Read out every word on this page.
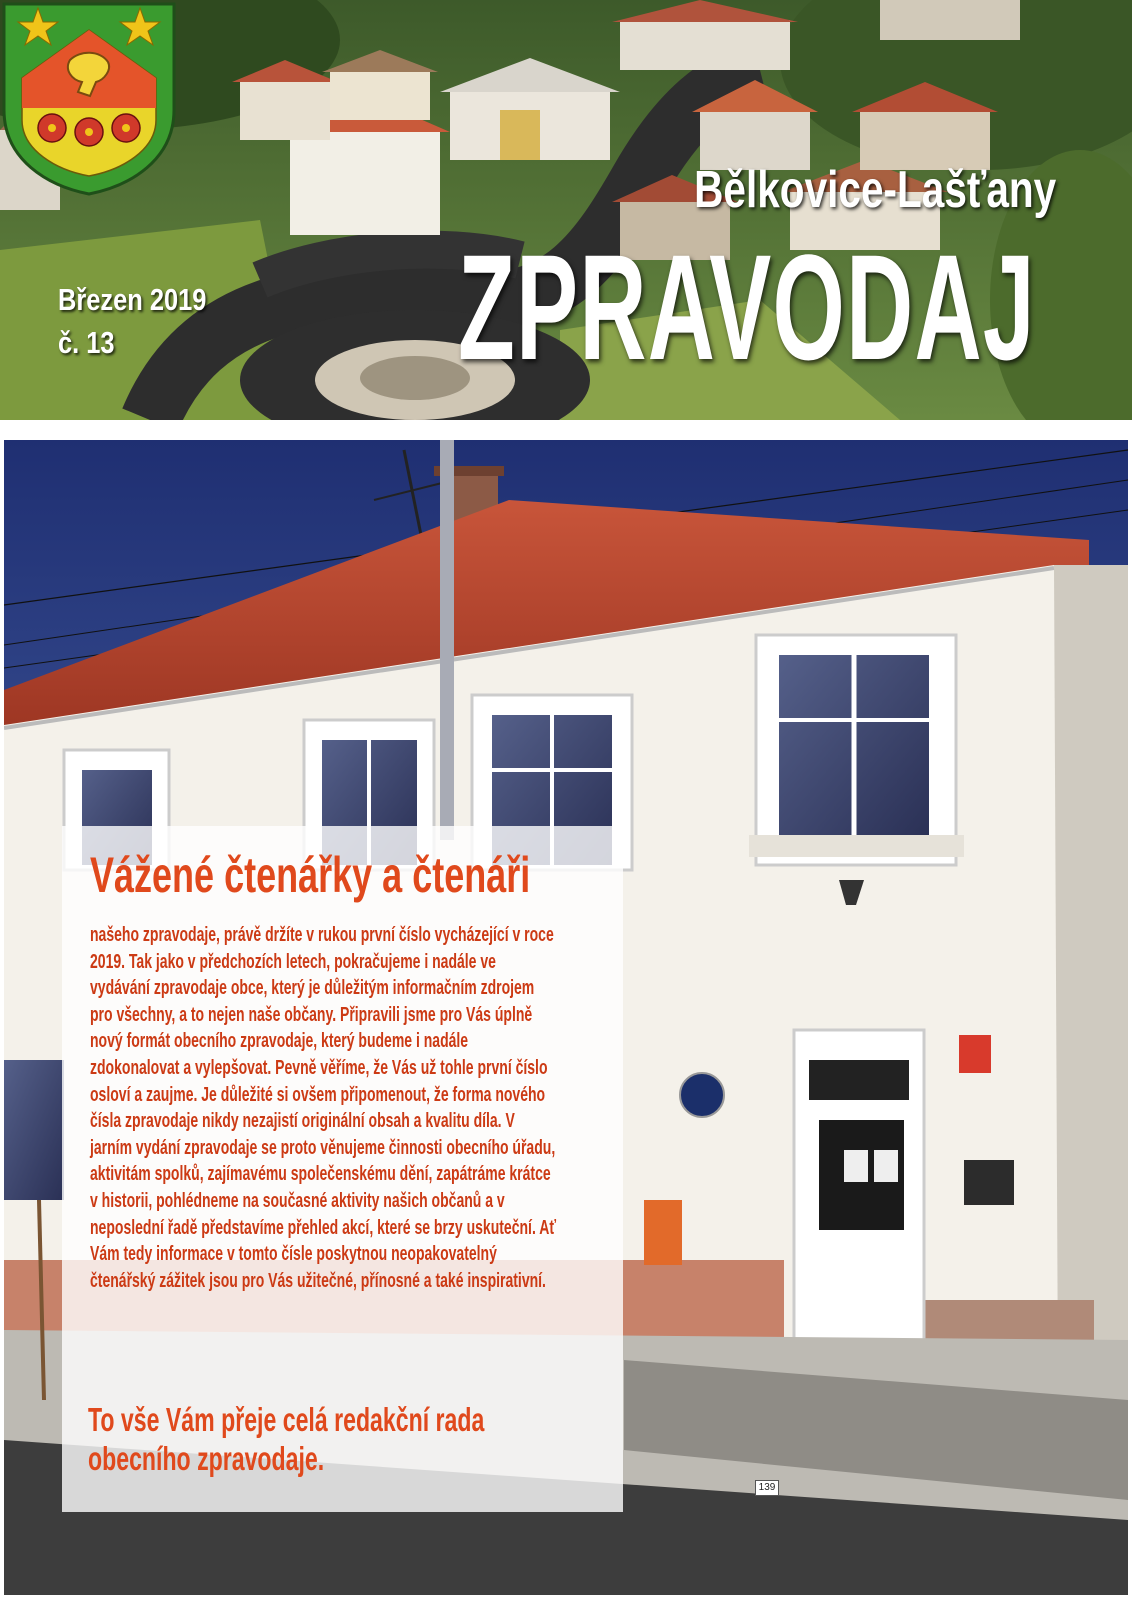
Březen 2019
č. 13
Bělkovice-Lašťany
ZPRAVODAJ
139
Vážené čtenářky a čtenáři

našeho zpravodaje, právě držíte v rukou první číslo vycházející v roce 2019. Tak jako v předchozích letech, pokračujeme i nadále ve vydávání zpravodaje obce, který je důležitým informačním zdrojem pro všechny, a to nejen naše občany. Připravili jsme pro Vás úplně nový formát obecního zpravodaje, který budeme i nadále zdokonalovat a vylepšovat. Pevně věříme, že Vás už tohle první číslo osloví a zaujme. Je důležité si ovšem připomenout, že forma nového čísla zpravodaje nikdy nezajistí originální obsah a kvalitu díla. V jarním vydání zpravodaje se proto věnujeme činnosti obecního úřadu, aktivitám spolků, zajímavému společenskému dění, zapátráme krátce v historii, pohlédneme na současné aktivity našich občanů a v neposlední řadě představíme přehled akcí, které se brzy uskuteční. Ať Vám tedy informace v tomto čísle poskytnou neopakovatelný čtenářský zážitek jsou pro Vás užitečné, přínosné a také inspirativní.

To vše Vám přeje celá redakční rada obecního zpravodaje.
